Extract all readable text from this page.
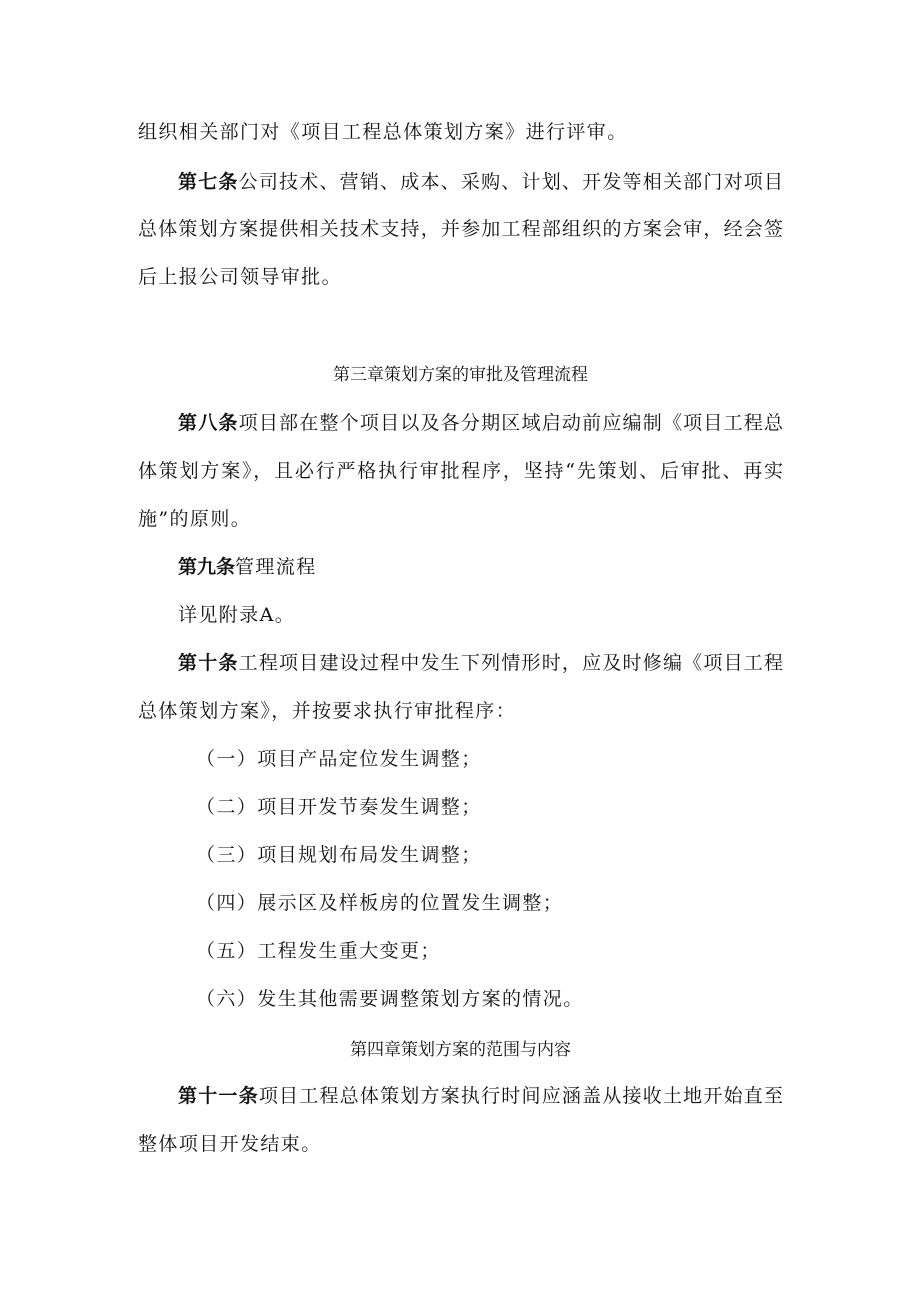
组织相关部门对《项目工程总体策划方案》进行评审。
第七条公司技术、营销、成本、采购、计划、开发等相关部门对项目
总体策划方案提供相关技术支持，并参加工程部组织的方案会审，经会签
后上报公司领导审批。
第三章策划方案的审批及管理流程
第八条项目部在整个项目以及各分期区域启动前应编制《项目工程总
体策划方案》，且必行严格执行审批程序，坚持“先策划、后审批、再实
施”的原则。
第九条管理流程
详见附录A。
第十条工程项目建设过程中发生下列情形时，应及时修编《项目工程
总体策划方案》，并按要求执行审批程序：
（一）项目产品定位发生调整；
（二）项目开发节奏发生调整；
（三）项目规划布局发生调整；
（四）展示区及样板房的位置发生调整；
（五）工程发生重大变更；
（六）发生其他需要调整策划方案的情况。
第四章策划方案的范围与内容
第十一条项目工程总体策划方案执行时间应涵盖从接收土地开始直至
整体项目开发结束。
